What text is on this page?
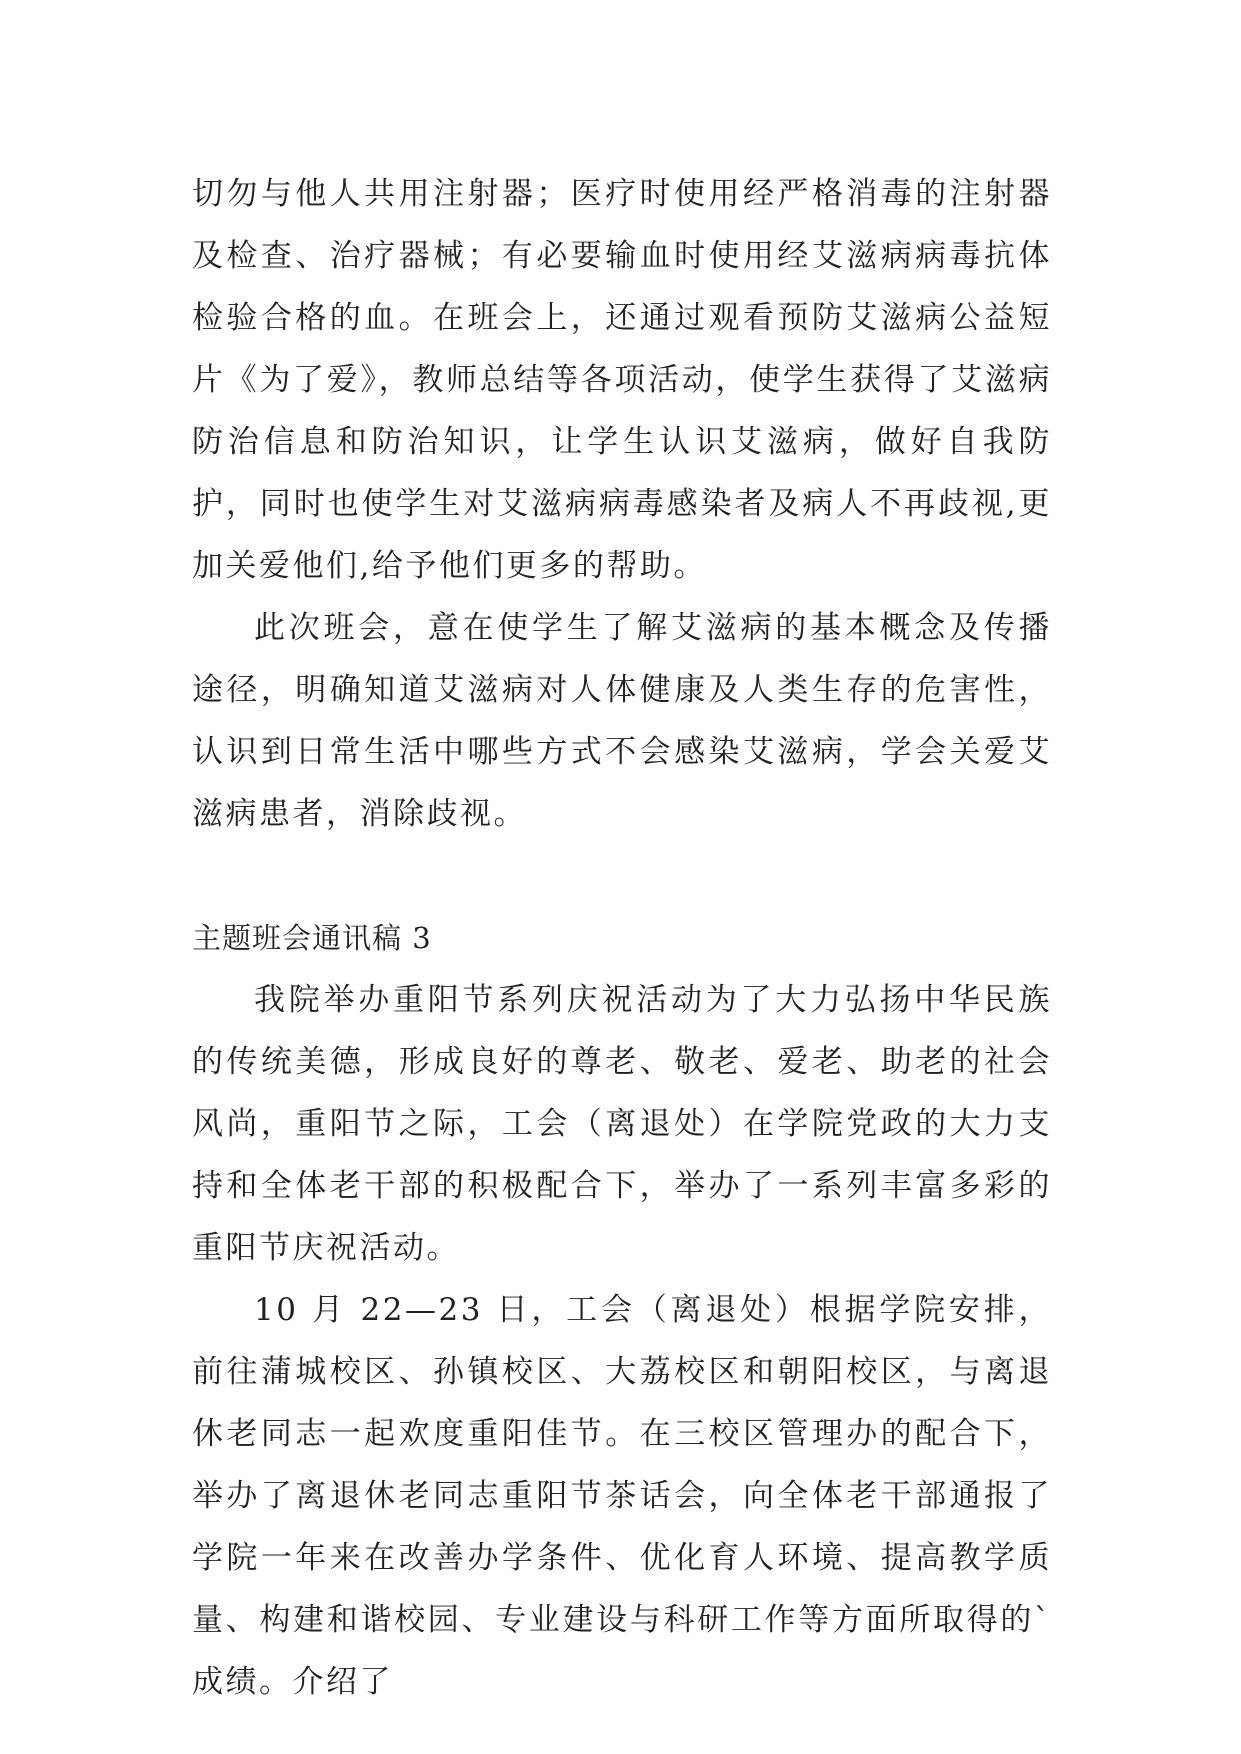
切勿与他人共用注射器；医疗时使用经严格消毒的注射器及检查、治疗器械；有必要输血时使用经艾滋病病毒抗体检验合格的血。在班会上，还通过观看预防艾滋病公益短片《为了爱》，教师总结等各项活动，使学生获得了艾滋病防治信息和防治知识，让学生认识艾滋病，做好自我防护，同时也使学生对艾滋病病毒感染者及病人不再歧视,更加关爱他们,给予他们更多的帮助。

此次班会，意在使学生了解艾滋病的基本概念及传播途径，明确知道艾滋病对人体健康及人类生存的危害性，认识到日常生活中哪些方式不会感染艾滋病，学会关爱艾滋病患者，消除歧视。

主题班会通讯稿 3

我院举办重阳节系列庆祝活动为了大力弘扬中华民族的传统美德，形成良好的尊老、敬老、爱老、助老的社会风尚，重阳节之际，工会（离退处）在学院党政的大力支持和全体老干部的积极配合下，举办了一系列丰富多彩的重阳节庆祝活动。

10 月 22—23 日，工会（离退处）根据学院安排，前往蒲城校区、孙镇校区、大荔校区和朝阳校区，与离退休老同志一起欢度重阳佳节。在三校区管理办的配合下，举办了离退休老同志重阳节茶话会，向全体老干部通报了学院一年来在改善办学条件、优化育人环境、提高教学质量、构建和谐校园、专业建设与科研工作等方面所取得的`成绩。介绍了
